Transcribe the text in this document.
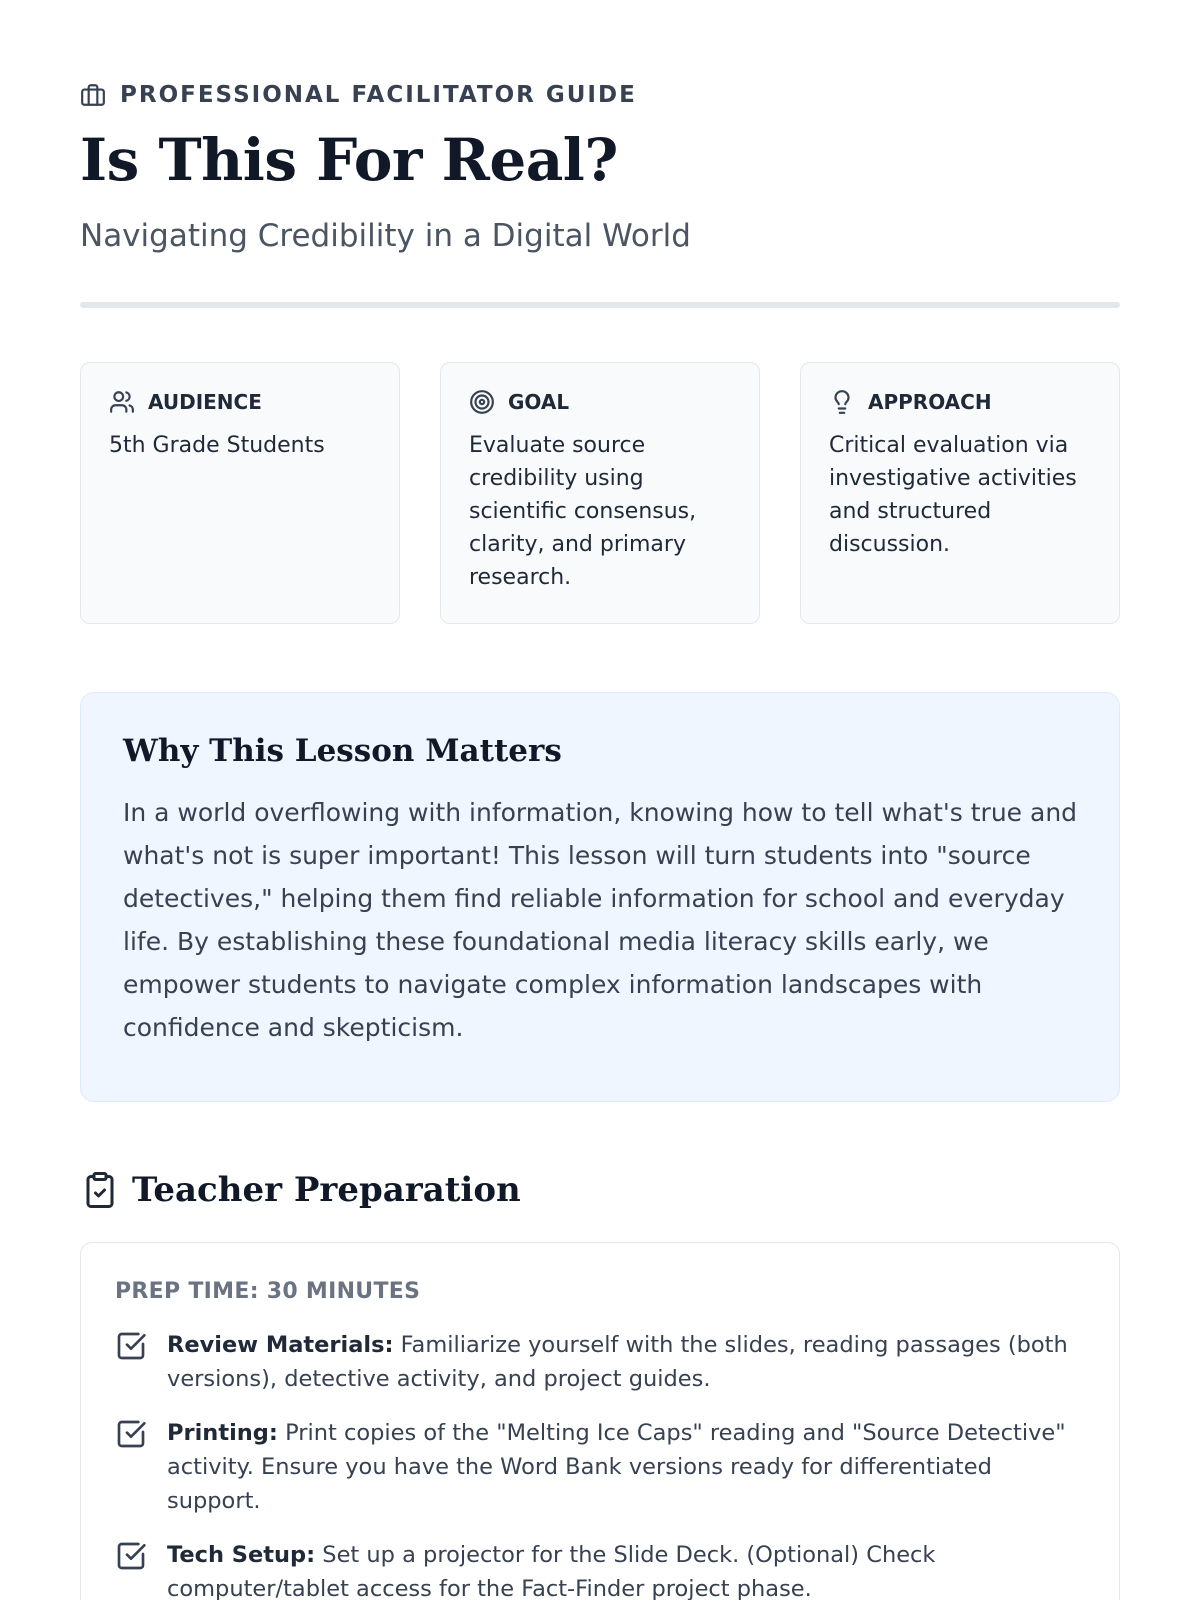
PROFESSIONAL FACILITATOR GUIDE
Is This For Real?

Navigating Credibility in a Digital World

AUDIENCE
5th Grade Students
GOAL
Evaluate source credibility using scientific consensus, clarity, and primary research.
APPROACH
Critical evaluation via investigative activities and structured discussion.
Why This Lesson Matters

In a world overflowing with information, knowing how to tell what's true and what's not is super important! This lesson will turn students into "source detectives," helping them find reliable information for school and everyday life. By establishing these foundational media literacy skills early, we empower students to navigate complex information landscapes with confidence and skepticism.

Teacher Preparation
PREP TIME: 30 MINUTES
Review Materials: Familiarize yourself with the slides, reading passages (both versions), detective activity, and project guides.
Printing: Print copies of the "Melting Ice Caps" reading and "Source Detective" activity. Ensure you have the Word Bank versions ready for differentiated support.
Tech Setup: Set up a projector for the Slide Deck. (Optional) Check computer/tablet access for the Fact-Finder project phase.
